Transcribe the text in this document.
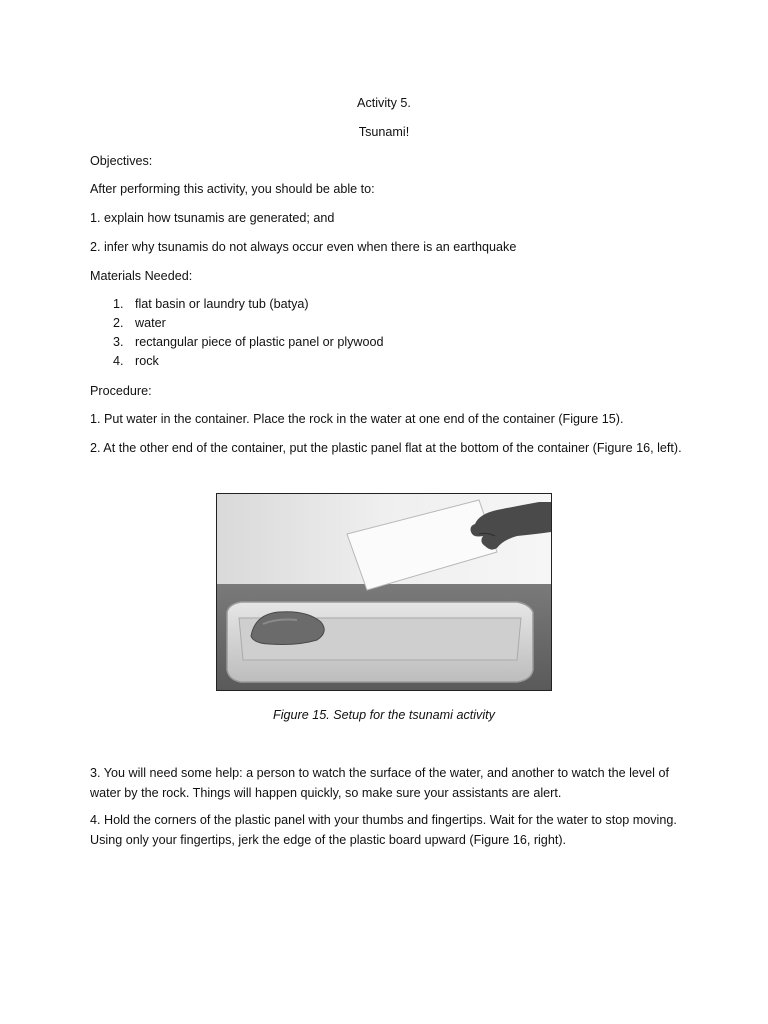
Activity 5.
Tsunami!
Objectives:
After performing this activity, you should be able to:
1. explain how tsunamis are generated; and
2. infer why tsunamis do not always occur even when there is an earthquake
Materials Needed:
1. flat basin or laundry tub (batya)
2. water
3. rectangular piece of plastic panel or plywood
4. rock
Procedure:
1. Put water in the container. Place the rock in the water at one end of the container (Figure 15).
2. At the other end of the container, put the plastic panel flat at the bottom of the container (Figure 16, left).
Figure 15. Setup for the tsunami activity
3. You will need some help: a person to watch the surface of the water, and another to watch the level of water by the rock. Things will happen quickly, so make sure your assistants are alert.
4. Hold the corners of the plastic panel with your thumbs and fingertips. Wait for the water to stop moving. Using only your fingertips, jerk the edge of the plastic board upward (Figure 16, right).
